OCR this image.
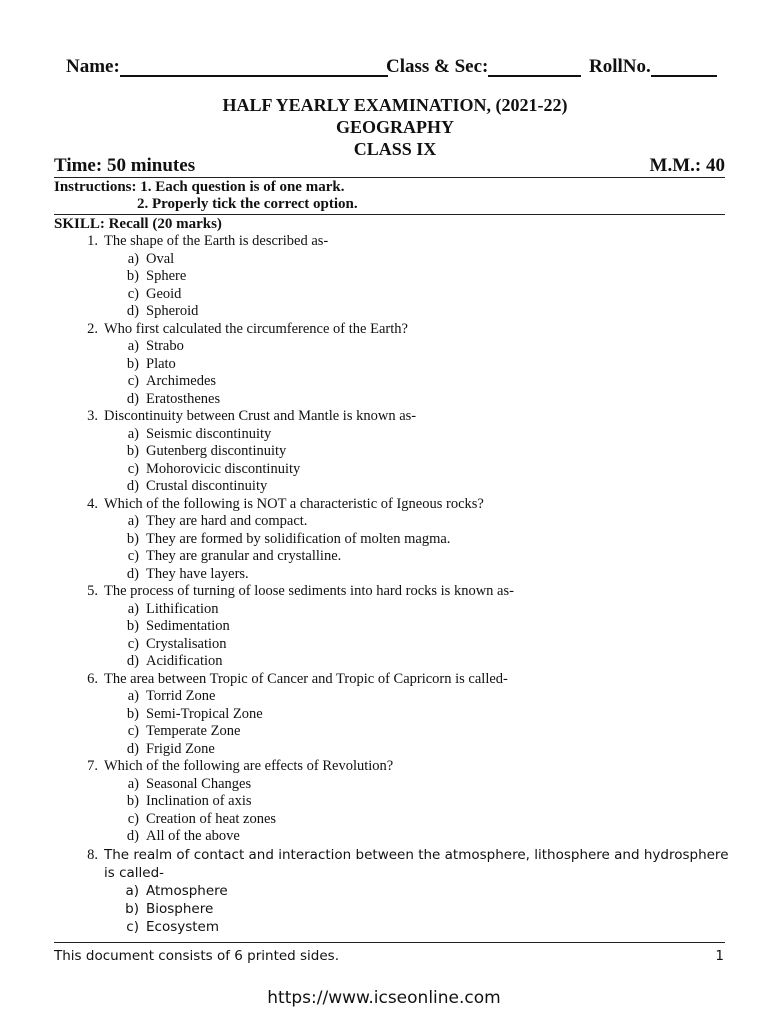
Name:	Class & Sec:	RollNo.
HALF YEARLY EXAMINATION, (2021-22)
GEOGRAPHY
CLASS IX
Time: 50 minutes	M.M.: 40
Instructions: 1. Each question is of one mark.
2. Properly tick the correct option.
SKILL: Recall (20 marks)
1. The shape of the Earth is described as-
a) Oval
b) Sphere
c) Geoid
d) Spheroid
2. Who first calculated the circumference of the Earth?
a) Strabo
b) Plato
c) Archimedes
d) Eratosthenes
3. Discontinuity between Crust and Mantle is known as-
a) Seismic discontinuity
b) Gutenberg discontinuity
c) Mohorovicic discontinuity
d) Crustal discontinuity
4. Which of the following is NOT a characteristic of Igneous rocks?
a) They are hard and compact.
b) They are formed by solidification of molten magma.
c) They are granular and crystalline.
d) They have layers.
5. The process of turning of loose sediments into hard rocks is known as-
a) Lithification
b) Sedimentation
c) Crystalisation
d) Acidification
6. The area between Tropic of Cancer and Tropic of Capricorn is called-
a) Torrid Zone
b) Semi-Tropical Zone
c) Temperate Zone
d) Frigid Zone
7. Which of the following are effects of Revolution?
a) Seasonal Changes
b) Inclination of axis
c) Creation of heat zones
d) All of the above
8. The realm of contact and interaction between the atmosphere, lithosphere and hydrosphere is called-
a) Atmosphere
b) Biosphere
c) Ecosystem
This document consists of 6 printed sides.	1
https://www.icseonline.com
